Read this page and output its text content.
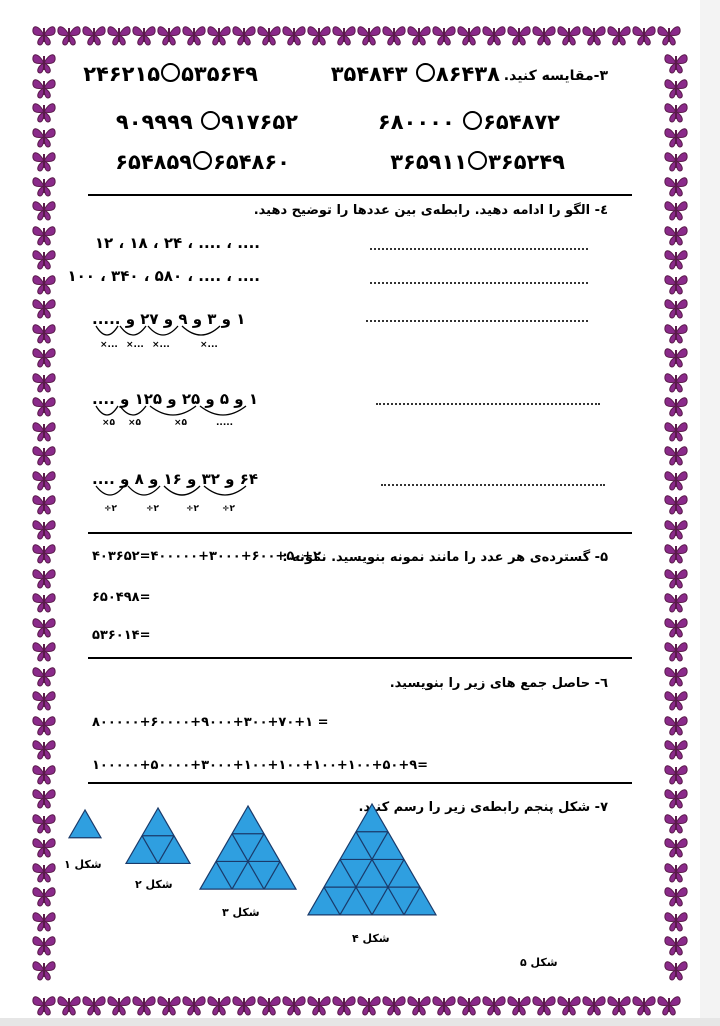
۳-مقایسه کنید.
۳۵۴۸۴۳ ۸۶۴۳۸
۲۴۶۲۱۵ ۵۳۵۶۴۹
۶۸۰۰۰۰ ۶۵۴۸۷۲
۹۰۹۹۹۹ ۹۱۷۶۵۲
۳۶۵۹۱۱ ۳۶۵۲۴۹
۶۵۴۸۵۹ ۶۵۴۸۶۰
٤- الگو را ادامه دهید. رابطه‌ی بین عددها را توضیح دهید.
۱۲ ، ۱۸ ، ۲۴ ، .... ، ....
۱۰۰ ، ۳۴۰ ، ۵۸۰ ، .... ، ....
۱ و ۳ و ۹ و ۲۷ و .....
×... ×... ×...	×...
۱ و ۵ و ۲۵ و ۱۲۵ و ....
×۵ ×۵	×۵	.....
۶۴ و ۳۲ و ۱۶ و ۸ و ....
÷۲	÷۲	÷۲	÷۲
۵- گسترده‌ی هر عدد را مانند نمونه بنویسید. نمونه :
۴۰۳۶۵۲=۴۰۰۰۰۰+۳۰۰۰+۶۰۰+۵۰+۲
۶۵۰۴۹۸=
۵۳۶۰۱۴=
٦- حاصل جمع های زیر را بنویسید.
۸۰۰۰۰۰+۶۰۰۰۰+۹۰۰۰+۳۰۰+۷۰+۱ =
۱۰۰۰۰۰+۵۰۰۰۰+۳۰۰۰+۱۰۰+۱۰۰+۱۰۰+۱۰۰+۵۰+۹=
۷- شکل پنجم رابطه‌ی زیر را رسم کنید.
شکل ۱
شکل ۲
شکل ۳
شکل ۴
شکل ۵
